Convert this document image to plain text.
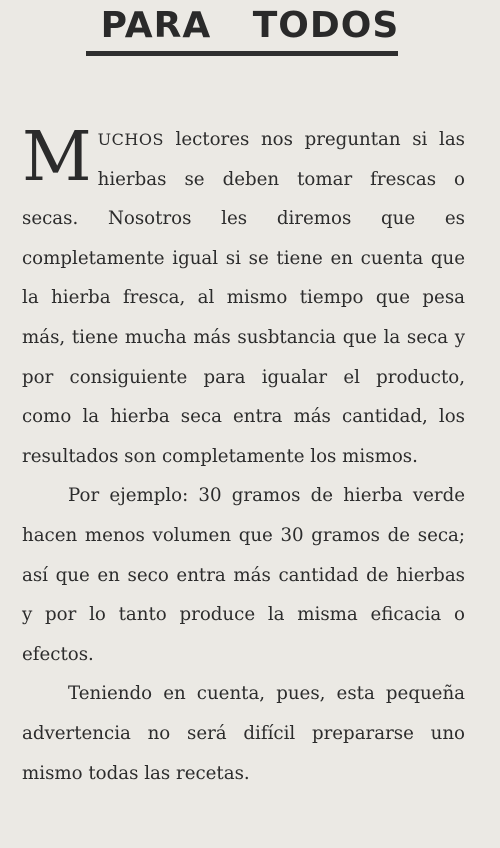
PARA TODOS

MUCHOS lectores nos preguntan si las hierbas se deben tomar frescas o secas. Nosotros les diremos que es completamente igual si se tiene en cuenta que la hierba fresca, al mismo tiempo que pesa más, tiene mucha más susbtancia que la seca y por consiguiente para igualar el producto, como la hierba seca entra más cantidad, los resultados son completamente los mismos.

Por ejemplo: 30 gramos de hierba verde hacen menos volumen que 30 gramos de seca; así que en seco entra más cantidad de hierbas y por lo tanto produce la misma eficacia o efectos.

Teniendo en cuenta, pues, esta pequeña advertencia no será difícil prepararse uno mismo todas las recetas.
